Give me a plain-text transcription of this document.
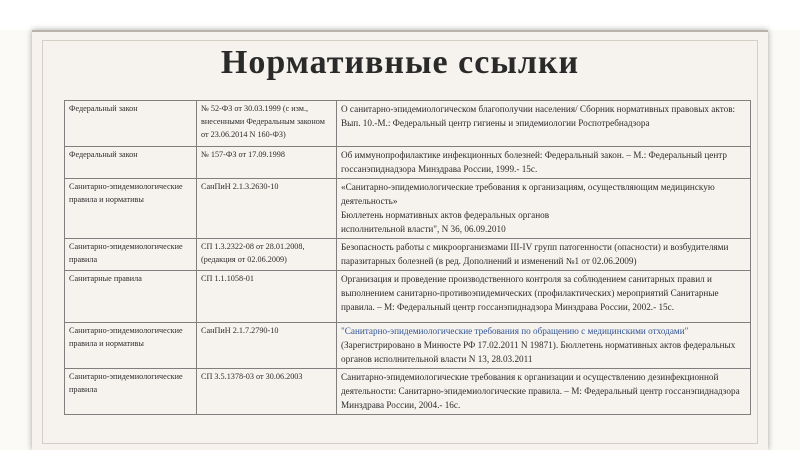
Нормативные ссылки
Федеральный закон	№ 52-ФЗ от 30.03.1999 (с изм., внесенными Федеральным законом от 23.06.2014 N 160-ФЗ)	О санитарно-эпидемиологическом благополучии населения/ Сборник нормативных правовых актов: Вып. 10.-М.: Федеральный центр гигиены и эпидемиологии Роспотребнадзора

Федеральный закон	№ 157-ФЗ от 17.09.1998	Об иммунопрофилактике инфекционных болезней: Федеральный закон. – М.: Федеральный центр госсанэпиднадзора Минздрава России, 1999.- 15с.

Санитарно-эпидемиологические правила и нормативы	СанПиН 2.1.3.2630-10	«Санитарно-эпидемиологические требования к организациям, осуществляющим медицинскую деятельность»
Бюллетень нормативных актов федеральных органов
исполнительной власти", N 36, 06.09.2010

Санитарно-эпидемиологические правила	СП 1.3.2322-08 от 28.01.2008, (редакция от 02.06.2009)	Безопасность работы с микроорганизмами III-IV групп патогенности (опасности) и возбудителями паразитарных болезней (в ред. Дополнений и изменений №1 от 02.06.2009)

Санитарные правила	СП 1.1.1058-01	Организация и проведение производственного контроля за соблюдением санитарных правил и выполнением санитарно-противоэпидемических (профилактических) мероприятий Санитарные правила. – М: Федеральный центр госсанэпиднадзора Минздрава России, 2002.- 15с.

Санитарно-эпидемиологические правила и нормативы	СанПиН 2.1.7.2790-10	"Санитарно-эпидемиологические требования по обращению с медицинскими отходами"
(Зарегистрировано в Минюсте РФ 17.02.2011 N 19871). Бюллетень нормативных актов федеральных органов исполнительной власти N 13, 28.03.2011

Санитарно-эпидемиологические правила	СП 3.5.1378-03 от 30.06.2003	Санитарно-эпидемиологические требования к организации и осуществлению дезинфекционной деятельности: Санитарно-эпидемиологические правила. – М: Федеральный центр госсанэпиднадзора Минздрава России, 2004.- 16с.
